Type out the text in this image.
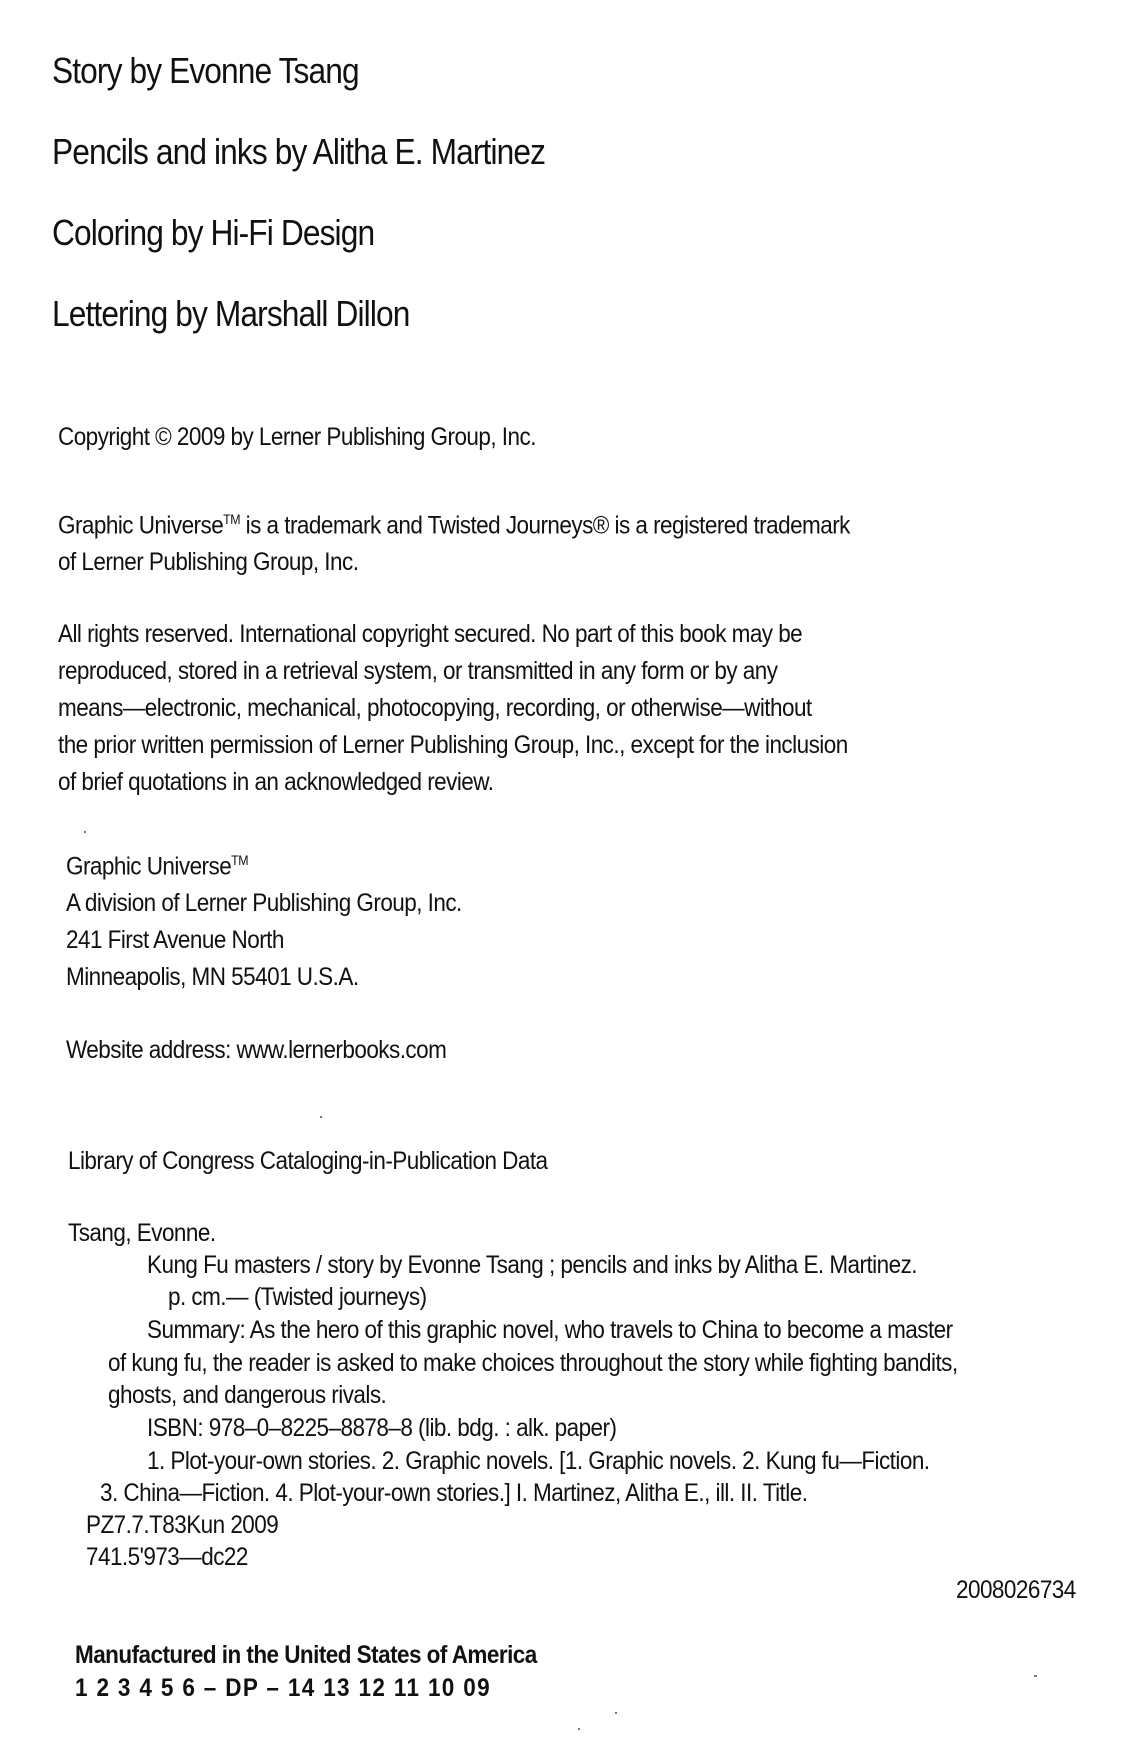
Story by Evonne Tsang
Pencils and inks by Alitha E. Martinez
Coloring by Hi-Fi Design
Lettering by Marshall Dillon
Copyright © 2009 by Lerner Publishing Group, Inc.
Graphic Universe™ is a trademark and Twisted Journeys® is a registered trademark
of Lerner Publishing Group, Inc.
All rights reserved. International copyright secured. No part of this book may be
reproduced, stored in a retrieval system, or transmitted in any form or by any
means—electronic, mechanical, photocopying, recording, or otherwise—without
the prior written permission of Lerner Publishing Group, Inc., except for the inclusion
of brief quotations in an acknowledged review.
Graphic Universe™
A division of Lerner Publishing Group, Inc.
241 First Avenue North
Minneapolis, MN 55401 U.S.A.
Website address: www.lernerbooks.com
Library of Congress Cataloging-in-Publication Data
Tsang, Evonne.
Kung Fu masters / story by Evonne Tsang ; pencils and inks by Alitha E. Martinez.
p. cm.— (Twisted journeys)
Summary: As the hero of this graphic novel, who travels to China to become a master
of kung fu, the reader is asked to make choices throughout the story while fighting bandits,
ghosts, and dangerous rivals.
ISBN: 978–0–8225–8878–8 (lib. bdg. : alk. paper)
1. Plot-your-own stories. 2. Graphic novels. [1. Graphic novels. 2. Kung fu—Fiction.
3. China—Fiction. 4. Plot-your-own stories.] I. Martinez, Alitha E., ill. II. Title.
PZ7.7.T83Kun 2009
741.5'973—dc22
2008026734
Manufactured in the United States of America
1 2 3 4 5 6 – DP – 14 13 12 11 10 09
